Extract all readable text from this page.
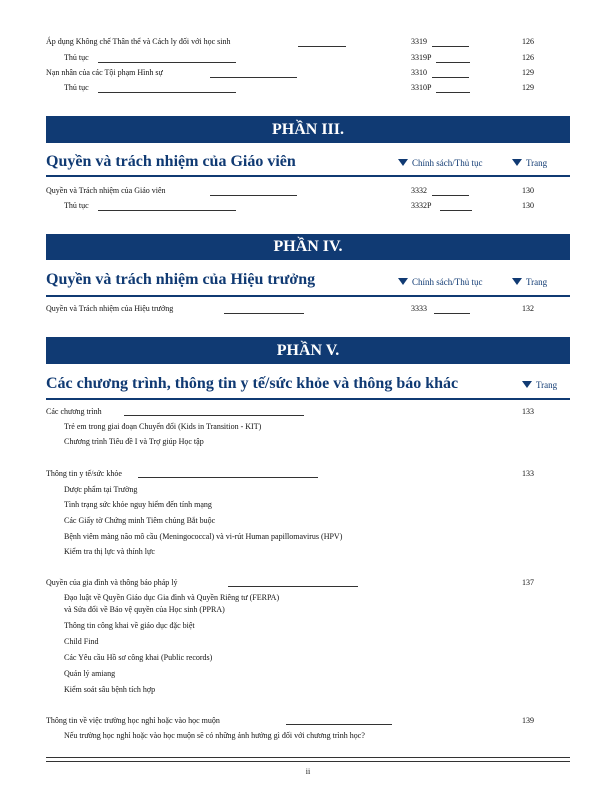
Áp dụng Không chế Thân thể và Cách ly đối với học sinh	3319	126
Thủ tục	3319P	126
Nạn nhân của các Tội phạm Hình sự	3310	129
Thủ tục	3310P	129
PHẦN III.
Quyền và trách nhiệm của Giáo viên	Chính sách/Thủ tục	Trang
Quyền và Trách nhiệm của Giáo viên	3332	130
Thủ tục	3332P	130
PHẦN IV.
Quyền và trách nhiệm của Hiệu trưởng	Chính sách/Thủ tục	Trang
Quyền và Trách nhiệm của Hiệu trưởng	3333	132
PHẦN V.
Các chương trình, thông tin y tế/sức khỏe và thông báo khác	Trang
Các chương trình	133
Trẻ em trong giai đoạn Chuyển đổi (Kids in Transition - KIT)
Chương trình Tiêu đề I và Trợ giúp Học tập
Thông tin y tế/sức khỏe	133
Dược phẩm tại Trường
Tình trạng sức khỏe nguy hiểm đến tính mạng
Các Giấy tờ Chứng minh Tiêm chủng Bắt buộc
Bệnh viêm màng não mô cầu (Meningococcal) và vi-rút Human papillomavirus (HPV)
Kiểm tra thị lực và thính lực
Quyền của gia đình và thông báo pháp lý	137
Đạo luật về Quyền Giáo dục Gia đình và Quyền Riêng tư (FERPA)
và Sửa đổi về Bảo vệ quyền của Học sinh (PPRA)
Thông tin công khai về giáo dục đặc biệt
Child Find
Các Yêu cầu Hồ sơ công khai (Public records)
Quản lý amiang
Kiểm soát sâu bệnh tích hợp
Thông tin về việc trường học nghỉ hoặc vào học muộn	139
Nếu trường học nghỉ hoặc vào học muộn sẽ có những ảnh hưởng gì đối với chương trình học?
ii
